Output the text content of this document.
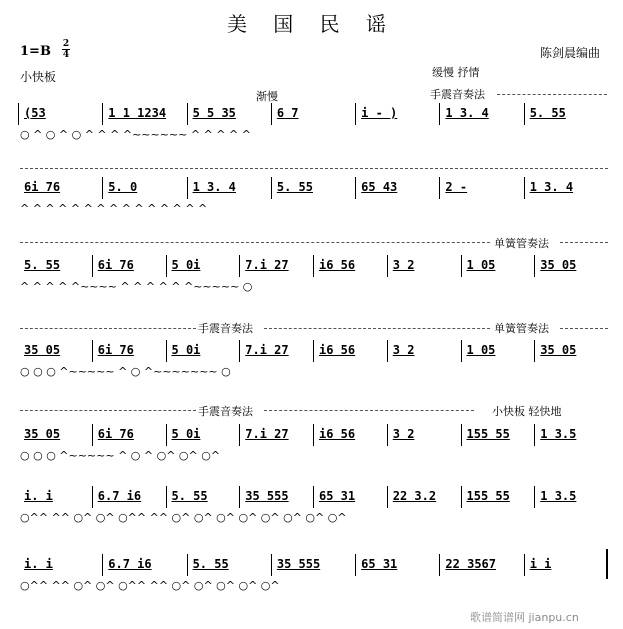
美 国 民 谣
陈剑晨编曲
1=B 2
4
小快板	缓慢 抒情
渐慢	手震音奏法
单簧管奏法
手震音奏法	单簧管奏法
手震音奏法	小快板 轻快地
(53	1 1 1234 5 5 35	6 7	i - )	1 3. 4	5. 55
○ ^ ○ ^ ○ ^ ^ ^ ^~~~~~~ ^ ^ ^ ^ ^
6i 76	5. 0	1 3. 4	5. 55	65 43	2 -	1 3. 4
^ ^ ^ ^ ^ ^ ^ ^ ^ ^ ^ ^ ^ ^ ^
5. 55	6i 76	5 0i	7.i 27	i6 56	3 2	1 05	35 05
^ ^ ^ ^ ^~~~~ ^ ^ ^ ^ ^ ^~~~~~ ○
35 05	6i 76	5 0i	7.i 27	i6 56	3 2	1 05	35 05
○ ○ ○ ^~~~~~ ^ ○ ^~~~~~~~ ○
35 05	6i 76	5 0i	7.i 27	i6 56	3 2	155 55	1 3.5
○ ○ ○ ^~~~~~ ^ ○ ^ ○^ ○^ ○^
i. i	6.7 i6	5. 55	35 555	65 31	22 3.2	155 55	1 3.5
○^^ ^^ ○^ ○^ ○^^ ^^ ○^ ○^ ○^ ○^ ○^ ○^ ○^ ○^
i. i	6.7 i6	5. 55	35 555	65 31	22 3567	i i
○^^ ^^ ○^ ○^ ○^^ ^^ ○^ ○^ ○^ ○^ ○^
歌谱简谱网 jianpu.cn
